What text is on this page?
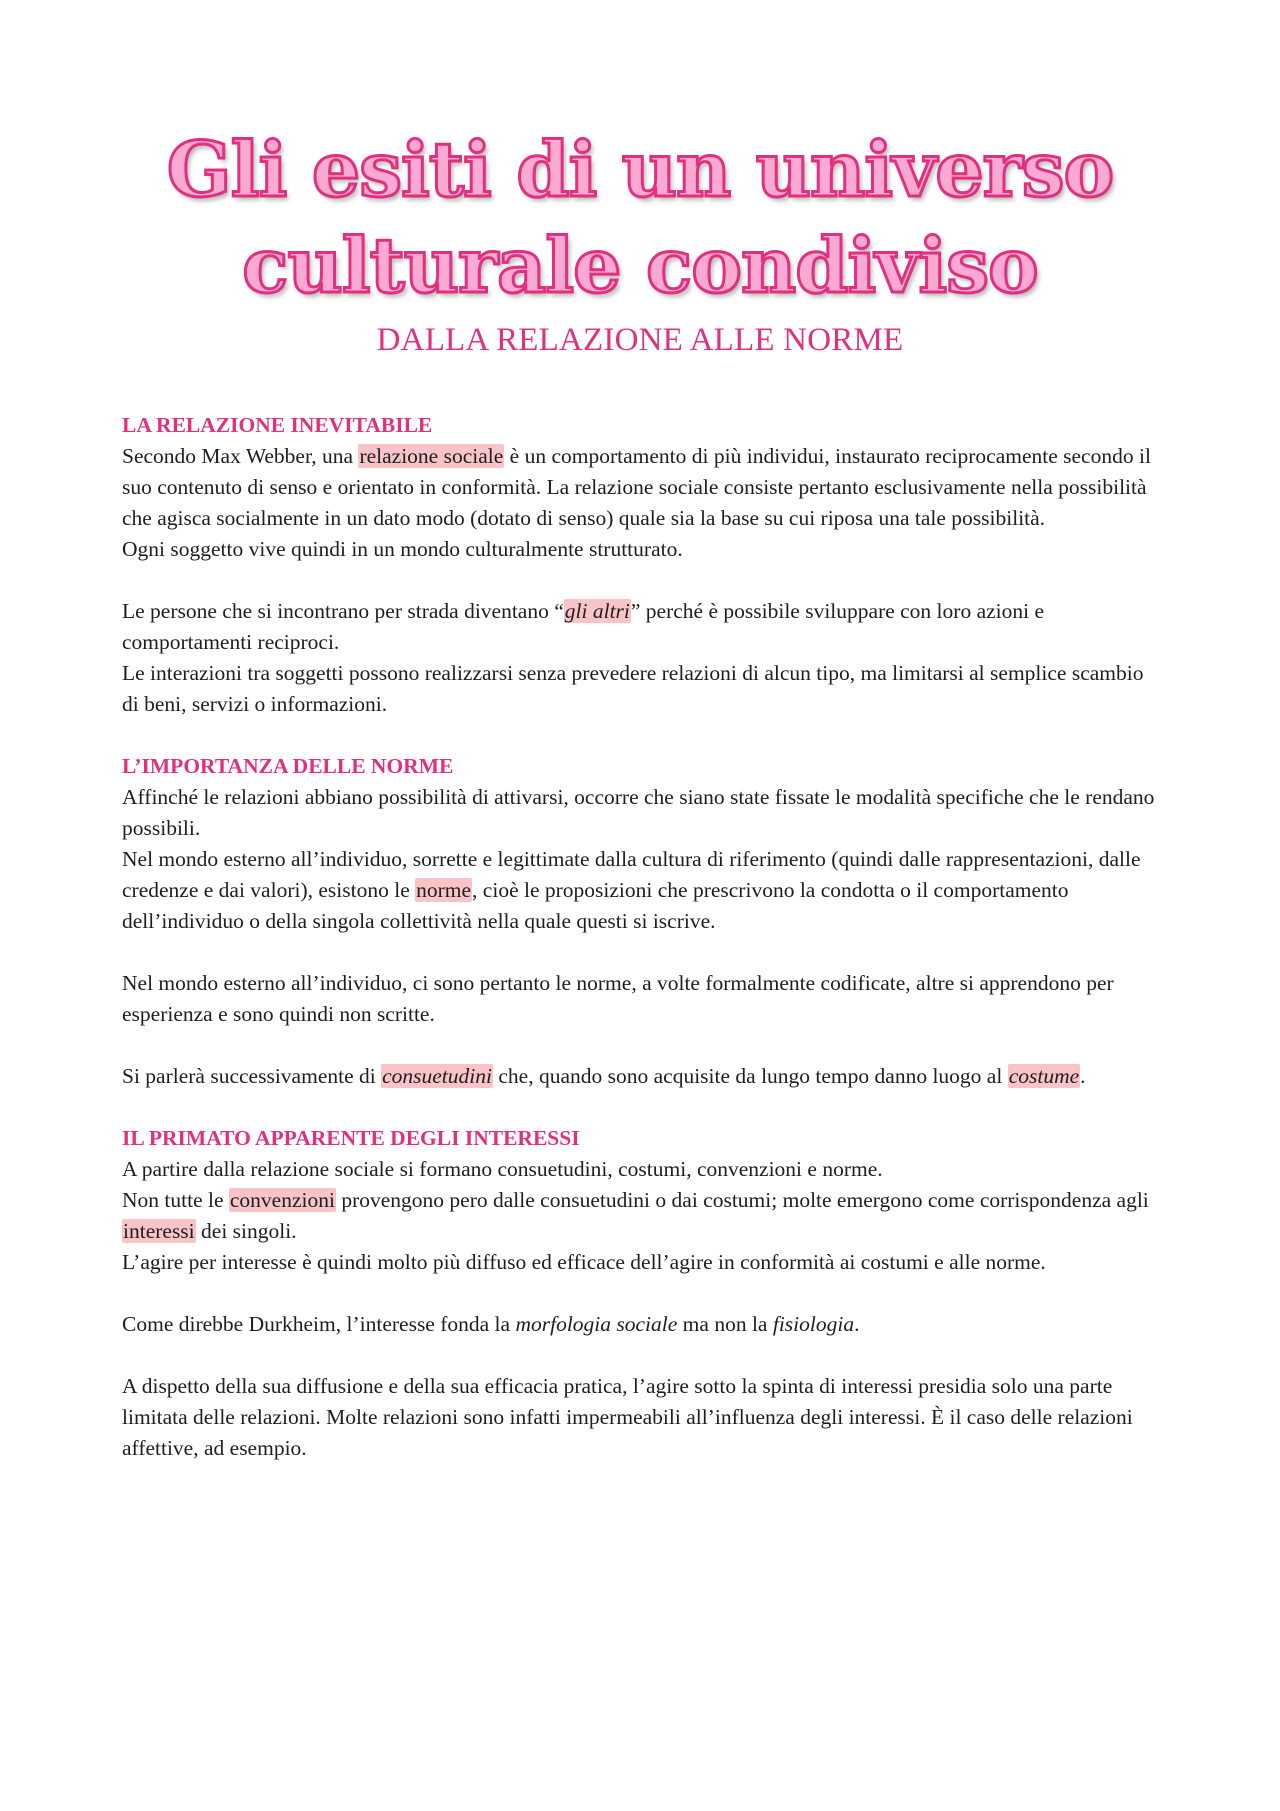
Gli esiti di un universo
culturale condiviso
DALLA RELAZIONE ALLE NORME
LA RELAZIONE INEVITABILE

Secondo Max Webber, una relazione sociale è un comportamento di più individui, instaurato reciprocamente secondo il suo contenuto di senso e orientato in conformità. La relazione sociale consiste pertanto esclusivamente nella possibilità che agisca socialmente in un dato modo (dotato di senso) quale sia la base su cui riposa una tale possibilità.

Ogni soggetto vive quindi in un mondo culturalmente strutturato.

Le persone che si incontrano per strada diventano “gli altri” perché è possibile sviluppare con loro azioni e comportamenti reciproci.

Le interazioni tra soggetti possono realizzarsi senza prevedere relazioni di alcun tipo, ma limitarsi al semplice scambio di beni, servizi o informazioni.

L’IMPORTANZA DELLE NORME

Affinché le relazioni abbiano possibilità di attivarsi, occorre che siano state fissate le modalità specifiche che le rendano possibili.

Nel mondo esterno all’individuo, sorrette e legittimate dalla cultura di riferimento (quindi dalle rappresentazioni, dalle credenze e dai valori), esistono le norme, cioè le proposizioni che prescrivono la condotta o il comportamento dell’individuo o della singola collettività nella quale questi si iscrive.

Nel mondo esterno all’individuo, ci sono pertanto le norme, a volte formalmente codificate, altre si apprendono per esperienza e sono quindi non scritte.

Si parlerà successivamente di consuetudini che, quando sono acquisite da lungo tempo danno luogo al costume.

IL PRIMATO APPARENTE DEGLI INTERESSI

A partire dalla relazione sociale si formano consuetudini, costumi, convenzioni e norme.

Non tutte le convenzioni provengono pero dalle consuetudini o dai costumi; molte emergono come corrispondenza agli interessi dei singoli.

L’agire per interesse è quindi molto più diffuso ed efficace dell’agire in conformità ai costumi e alle norme.

Come direbbe Durkheim, l’interesse fonda la morfologia sociale ma non la fisiologia.

A dispetto della sua diffusione e della sua efficacia pratica, l’agire sotto la spinta di interessi presidia solo una parte limitata delle relazioni. Molte relazioni sono infatti impermeabili all’influenza degli interessi. È il caso delle relazioni affettive, ad esempio.
